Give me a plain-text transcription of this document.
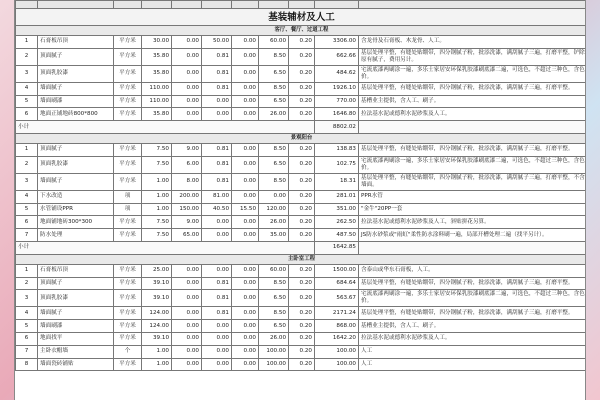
基装辅材及人工										
客厅、餐厅、过道工程										
1	石膏板吊顶	平方米	30.00	0.00	50.00	0.00	60.00	0.20	3306.00	含龙骨及石膏板、木龙骨、人工。
2	顶面腻子	平方米	35.80	0.00	0.81	0.00	8.50	0.20	662.66	基层处理平整，有缝处贴绷带，四分钢腻子粉，批添洗漆，满刮腻子三遍，打磨平整，铲除原有腻子，费用另计。
3	顶面乳胶漆	平方米	35.80	0.00	0.81	0.00	6.50	0.20	484.62	宅流底漆两刷涂一遍，多乐士家居安环保乳胶漆刷底漆二遍，可选色，不超过三种色，含色价。
4	墙面腻子	平方米	110.00	0.00	0.81	0.00	8.50	0.20	1926.10	基层处理平整，有缝处贴绷带，四分钢腻子粉，批添洗漆，满刮腻子三遍，打磨平整。
5	墙面刷漆	平方米	110.00	0.00	0.00	0.00	6.50	0.20	770.00	基槽业主提供，含人工、刷子。
6	地面正铺地砖800*800	平方米	35.80	0.00	0.00	0.00	26.00	0.20	1646.80	拉法基水泥或德利水泥砂浆及人工。
小计									8802.02	
景观阳台										
1	顶面腻子	平方米	7.50	9.00	0.81	0.00	8.50	0.20	138.83	基层处理平整，有缝处贴绷带，四分钢腻子粉，批添洗漆，满刮腻子三遍，打磨平整。
2	顶面乳胶漆	平方米	7.50	6.00	0.81	0.00	6.50	0.20	102.75	宅流底漆两刷涂一遍，多乐士家居安环保乳胶漆刷底漆二遍，可选色，不超过三种色，含色价。
3	墙面腻子	平方米	1.00	8.00	0.81	0.00	8.50	0.20	18.31	基层处理平整，有缝处贴绷带，四分钢腻子粉，批添洗漆，满刮腻子三遍，打磨平整，不含墙面。
4	下水改造	项	1.00	200.00	81.00	0.00	0.00	0.20	281.01	PPR水管
5	水管铺设PPR	项	1.00	150.00	40.50	15.50	120.00	0.20	351.00	"金牛"20PP一套
6	地面铺地砖300*300	平方米	7.50	9.00	0.00	0.00	26.00	0.20	262.50	拉法基水泥或德利水泥砂浆及人工，斜贴拼花另算。
7	防水处理	平方米	7.50	65.00	0.00	0.00	35.00	0.20	487.50	JS防水砂浆或"雨虹"柔性防水涂料刷一遍，局部开槽处理二遍（找平另计）。
小计									1642.85	
主卧室工程										
1	石膏板吊顶	平方米	25.00	0.00	0.00	0.00	60.00	0.20	1500.00	含泰山或华东石膏板，人工。
2	顶面腻子	平方米	39.10	0.00	0.81	0.00	8.50	0.20	684.64	基层处理平整，有缝处贴绷带，四分钢腻子粉，批添洗漆，满刮腻子三遍，打磨平整。
3	顶面乳胶漆	平方米	39.10	0.00	0.81	0.00	6.50	0.20	563.67	宅流底漆两刷涂一遍，多乐士家居安环保乳胶漆刷底漆二遍，可选色，不超过三种色，含色价。
4	墙面腻子	平方米	124.00	0.00	0.81	0.00	8.50	0.20	2171.24	基层处理平整，有缝处贴绷带，四分钢腻子粉，批添洗漆，满刮腻子三遍，打磨平整。
5	墙面刷漆	平方米	124.00	0.00	0.00	0.00	6.50	0.20	868.00	基槽业主提供，含人工、刷子。
6	地面找平	平方米	39.10	0.00	0.00	0.00	26.00	0.20	1642.20	拉法基水泥或德利水泥砂浆及人工。
7	主卧衣帽墙	个	1.00	0.00	0.00	0.00	100.00	0.20	100.00	人工
8	墙面瓷砖铺贴	平方米	1.00	0.00	0.00	0.00	100.00	0.20	100.00	人工
